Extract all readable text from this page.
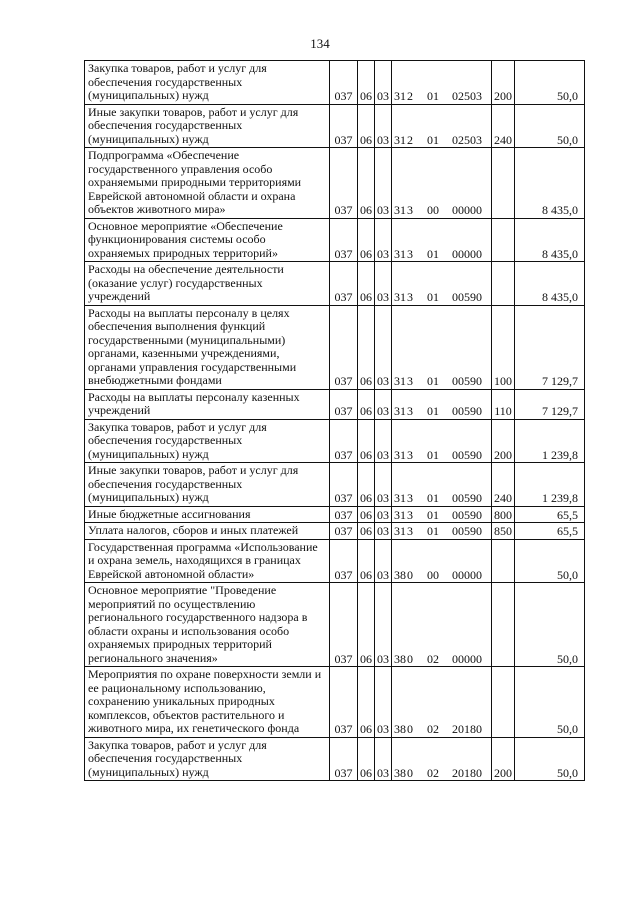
134
Закупка товаров, работ и услуг для обеспечения государственных (муниципальных) нужд	037	06	03	312 01 02503	200	50,0
Иные закупки товаров, работ и услуг для обеспечения государственных (муниципальных) нужд	037	06	03	312 01 02503	240	50,0
Подпрограмма «Обеспечение государственного управления особо охраняемыми природными территориями Еврейской автономной области и охрана объектов животного мира»	037	06	03	313 00 00000		8 435,0
Основное мероприятие «Обеспечение функционирования системы особо охраняемых природных территорий»	037	06	03	313 01 00000		8 435,0
Расходы на обеспечение деятельности (оказание услуг) государственных учреждений	037	06	03	313 01 00590		8 435,0
Расходы на выплаты персоналу в целях обеспечения выполнения функций государственными (муниципальными) органами, казенными учреждениями, органами управления государственными внебюджетными фондами	037	06	03	313 01 00590	100	7 129,7
Расходы на выплаты персоналу казенных учреждений	037	06	03	313 01 00590	110	7 129,7
Закупка товаров, работ и услуг для обеспечения государственных (муниципальных) нужд	037	06	03	313 01 00590	200	1 239,8
Иные закупки товаров, работ и услуг для обеспечения государственных (муниципальных) нужд	037	06	03	313 01 00590	240	1 239,8
Иные бюджетные ассигнования	037	06	03	313 01 00590	800	65,5
Уплата налогов, сборов и иных платежей	037	06	03	313 01 00590	850	65,5
Государственная программа «Использование и охрана земель, находящихся в границах Еврейской автономной области»	037	06	03	380 00 00000		50,0
Основное мероприятие "Проведение мероприятий по осуществлению регионального государственного надзора в области охраны и использования особо охраняемых природных территорий регионального значения»	037	06	03	380 02 00000		50,0
Мероприятия по охране поверхности земли и ее рациональному использованию, сохранению уникальных природных комплексов, объектов растительного и животного мира, их генетического фонда	037	06	03	380 02 20180		50,0
Закупка товаров, работ и услуг для обеспечения государственных (муниципальных) нужд	037	06	03	380 02 20180	200	50,0
